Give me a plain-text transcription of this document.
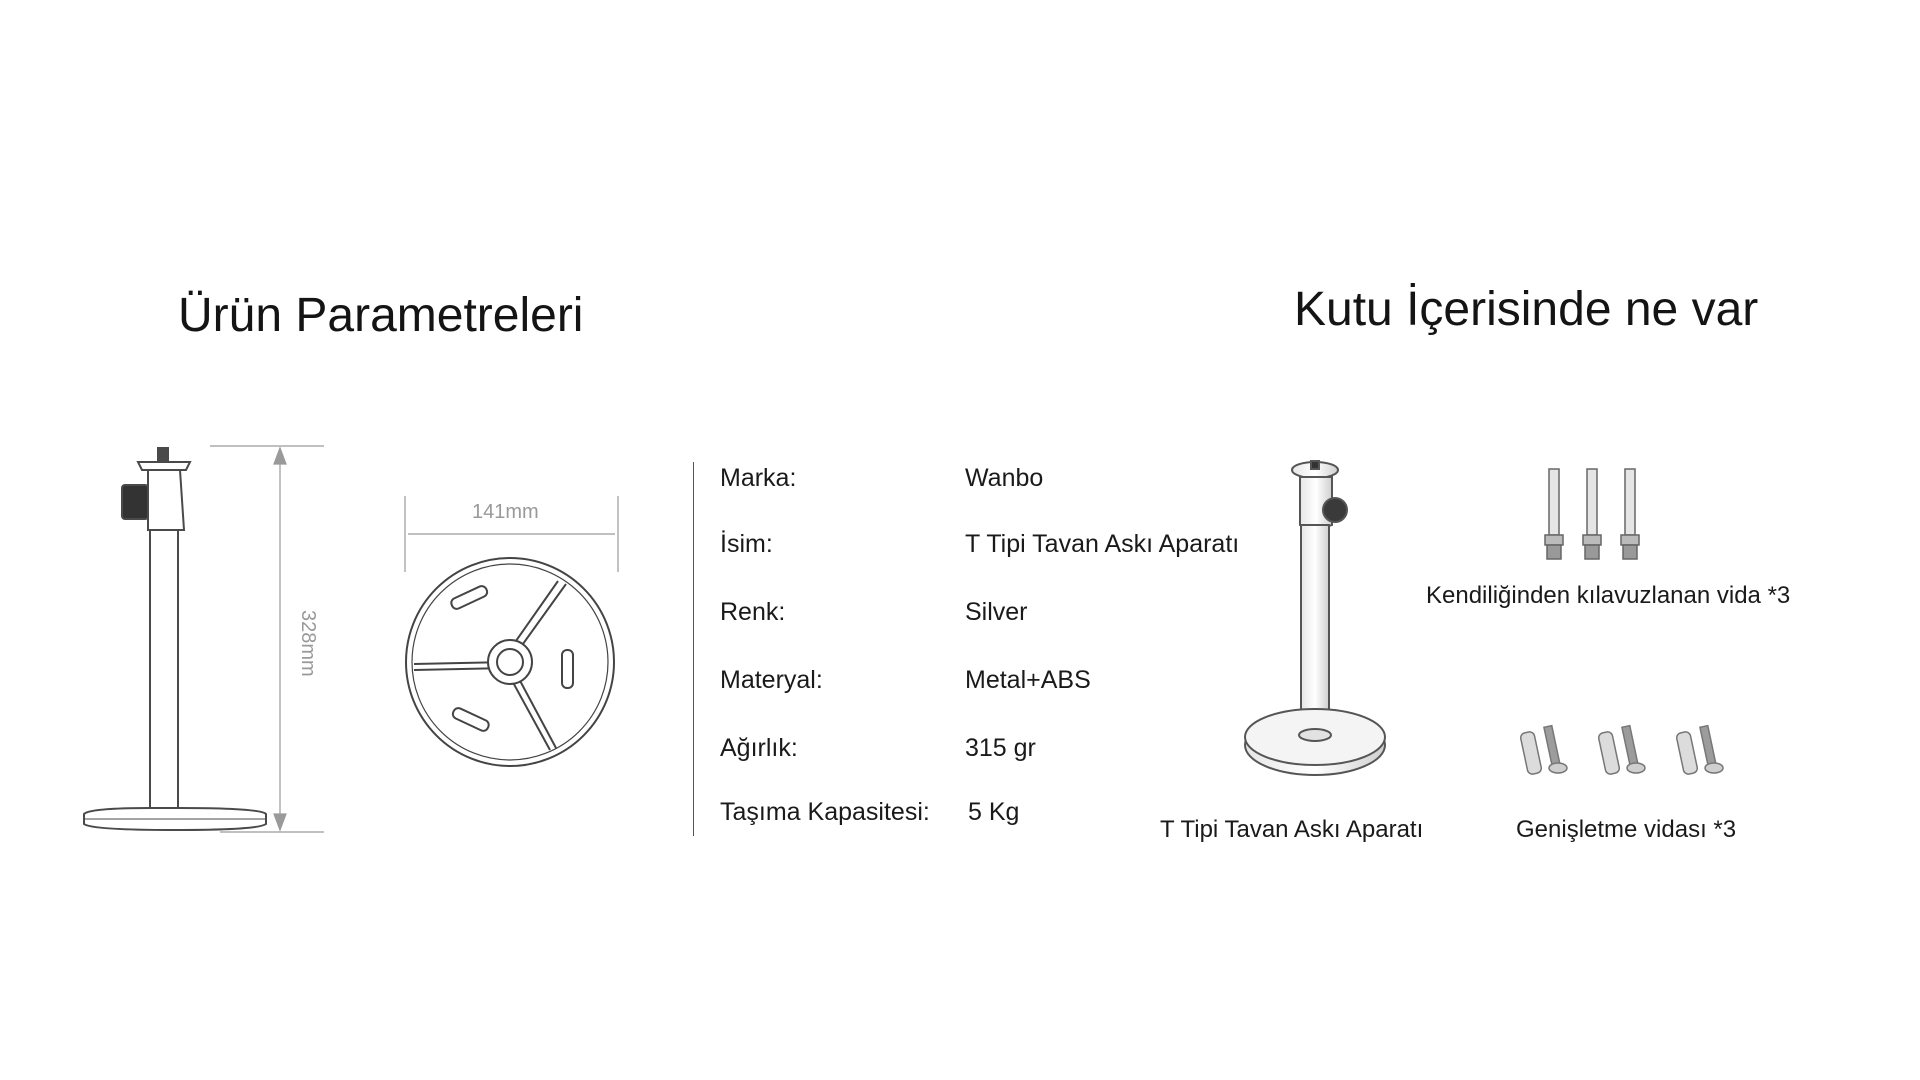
Ürün Parametreleri	Kutu İçerisinde ne var
328mm
141mm
Marka:	Wanbo
İsim:	T Tipi Tavan Askı Aparatı
Renk:	Silver
Materyal:	Metal+ABS
Ağırlık:	315 gr
Taşıma Kapasitesi: 5 Kg
T Tipi Tavan Askı Aparatı
Kendiliğinden kılavuzlanan vida *3
Genişletme vidası *3
